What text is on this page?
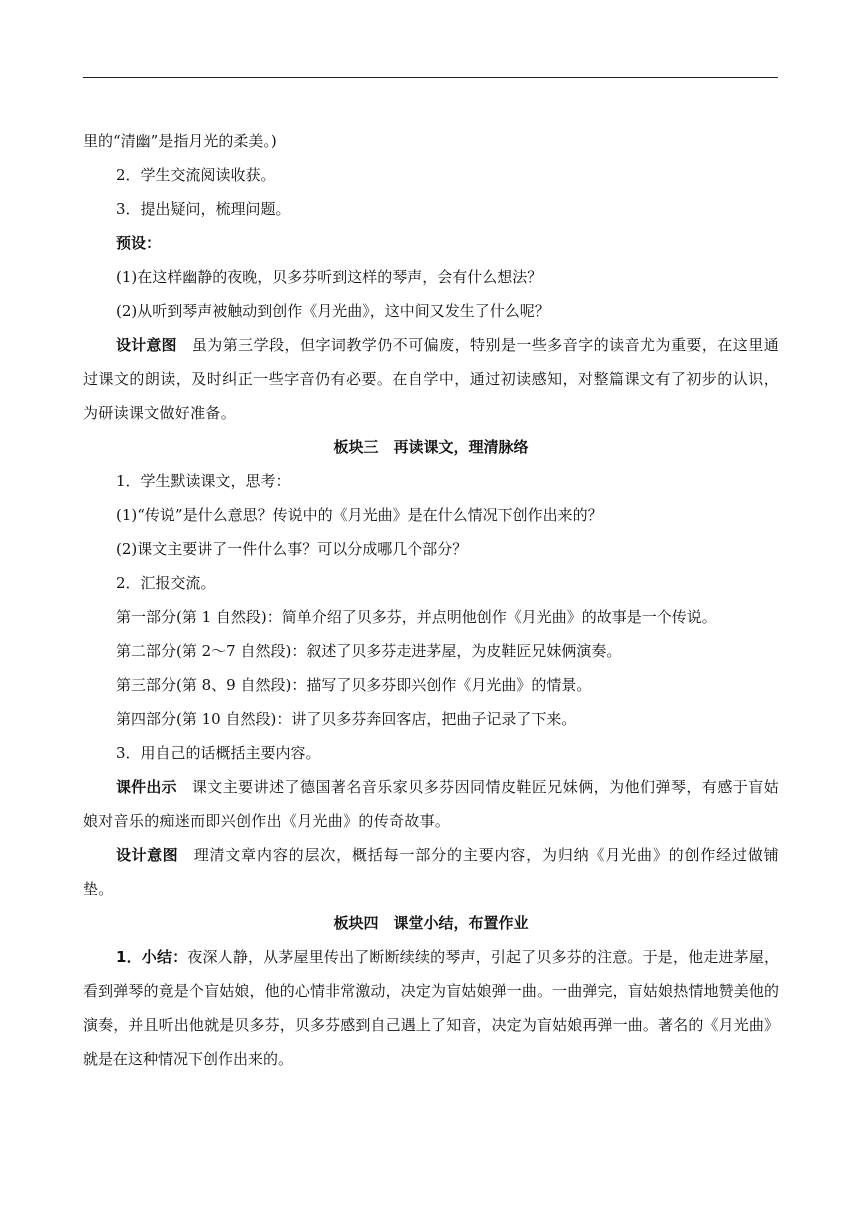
里的“清幽”是指月光的柔美。)

2．学生交流阅读收获。

3．提出疑问，梳理问题。

预设：

(1)在这样幽静的夜晚，贝多芬听到这样的琴声，会有什么想法？

(2)从听到琴声被触动到创作《月光曲》，这中间又发生了什么呢？

设计意图　 虽为第三学段，但字词教学仍不可偏废，特别是一些多音字的读音尤为重要，在这里通过课文的朗读，及时纠正一些字音仍有必要。在自学中，通过初读感知，对整篇课文有了初步的认识，为研读课文做好准备。

板块三　再读课文，理清脉络

1．学生默读课文，思考：

(1)“传说”是什么意思？传说中的《月光曲》是在什么情况下创作出来的？

(2)课文主要讲了一件什么事？可以分成哪几个部分？

2．汇报交流。

第一部分(第 1 自然段)：简单介绍了贝多芬，并点明他创作《月光曲》的故事是一个传说。

第二部分(第 2～7 自然段)：叙述了贝多芬走进茅屋，为皮鞋匠兄妹俩演奏。

第三部分(第 8、9 自然段)：描写了贝多芬即兴创作《月光曲》的情景。

第四部分(第 10 自然段)：讲了贝多芬奔回客店，把曲子记录了下来。

3．用自己的话概括主要内容。

课件出示　 课文主要讲述了德国著名音乐家贝多芬因同情皮鞋匠兄妹俩，为他们弹琴，有感于盲姑娘对音乐的痴迷而即兴创作出《月光曲》的传奇故事。

设计意图　 理清文章内容的层次，概括每一部分的主要内容，为归纳《月光曲》的创作经过做铺垫。

板块四　课堂小结，布置作业

1．小结：夜深人静，从茅屋里传出了断断续续的琴声，引起了贝多芬的注意。于是，他走进茅屋，看到弹琴的竟是个盲姑娘，他的心情非常激动，决定为盲姑娘弹一曲。一曲弹完，盲姑娘热情地赞美他的演奏，并且听出他就是贝多芬，贝多芬感到自己遇上了知音，决定为盲姑娘再弹一曲。著名的《月光曲》就是在这种情况下创作出来的。
